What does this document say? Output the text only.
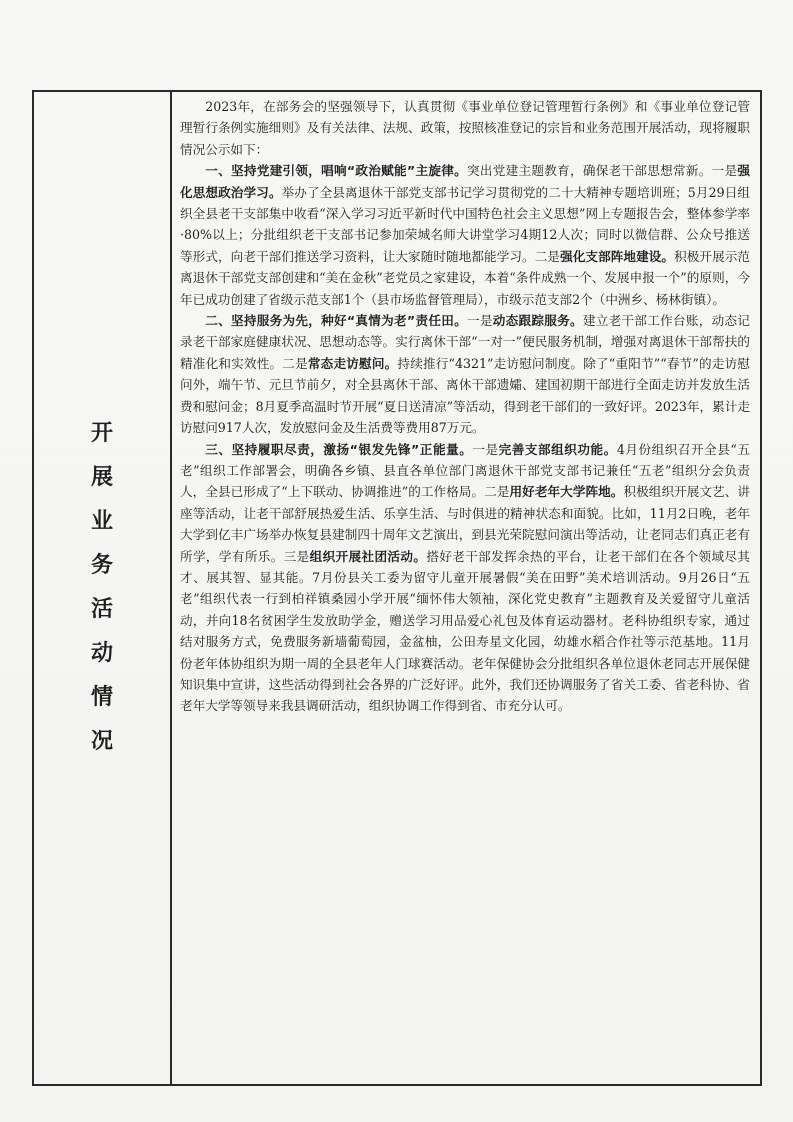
开
展
业
务
活
动
情
况

2023年，在部务会的坚强领导下，认真贯彻《事业单位登记管理暂行条例》和《事业单位登记管理暂行条例实施细则》及有关法律、法规、政策，按照核准登记的宗旨和业务范围开展活动，现将履职情况公示如下：

一、坚持党建引领，唱响“政治赋能”主旋律。突出党建主题教育，确保老干部思想常新。一是强化思想政治学习。举办了全县离退休干部党支部书记学习贯彻党的二十大精神专题培训班；5月29日组织全县老干支部集中收看“深入学习习近平新时代中国特色社会主义思想”网上专题报告会，整体参学率·80%以上；分批组织老干支部书记参加荣城名师大讲堂学习4期12人次；同时以微信群、公众号推送等形式，向老干部们推送学习资料，让大家随时随地都能学习。二是强化支部阵地建设。积极开展示范离退休干部党支部创建和“美在金秋”老党员之家建设，本着“条件成熟一个、发展申报一个”的原则，今年已成功创建了省级示范支部1个（县市场监督管理局），市级示范支部2个（中洲乡、杨林街镇）。

二、坚持服务为先，种好“真情为老”责任田。一是动态跟踪服务。建立老干部工作台账，动态记录老干部家庭健康状况、思想动态等。实行离休干部“一对一”便民服务机制，增强对离退休干部帮扶的精准化和实效性。二是常态走访慰问。持续推行“4321”走访慰问制度。除了“重阳节”“春节”的走访慰问外，端午节、元旦节前夕，对全县离休干部、离休干部遗孀、建国初期干部进行全面走访并发放生活费和慰问金；8月夏季高温时节开展“夏日送清凉”等活动，得到老干部们的一致好评。2023年，累计走访慰问917人次，发放慰问金及生活费等费用87万元。

三、坚持履职尽责，激扬“银发先锋”正能量。一是完善支部组织功能。4月份组织召开全县“五老”组织工作部署会，明确各乡镇、县直各单位部门离退休干部党支部书记兼任“五老”组织分会负责人，全县已形成了“上下联动、协调推进”的工作格局。二是用好老年大学阵地。积极组织开展文艺、讲座等活动，让老干部舒展热爱生活、乐享生活、与时俱进的精神状态和面貌。比如，11月2日晚，老年大学到亿丰广场举办恢复县建制四十周年文艺演出，到县光荣院慰问演出等活动，让老同志们真正老有所学，学有所乐。三是组织开展社团活动。搭好老干部发挥余热的平台，让老干部们在各个领域尽其才、展其智、显其能。7月份县关工委为留守儿童开展暑假“美在田野”美术培训活动。9月26日“五老”组织代表一行到柏祥镇桑园小学开展“缅怀伟大领袖，深化党史教育”主题教育及关爱留守儿童活动，并向18名贫困学生发放助学金，赠送学习用品爱心礼包及体育运动器材。老科协组织专家，通过结对服务方式，免费服务新墙葡萄园，金盆柚，公田寿星文化园，幼雄水稻合作社等示范基地。11月份老年体协组织为期一周的全县老年人门球赛活动。老年保健协会分批组织各单位退休老同志开展保健知识集中宣讲，这些活动得到社会各界的广泛好评。此外，我们还协调服务了省关工委、省老科协、省老年大学等领导来我县调研活动，组织协调工作得到省、市充分认可。
